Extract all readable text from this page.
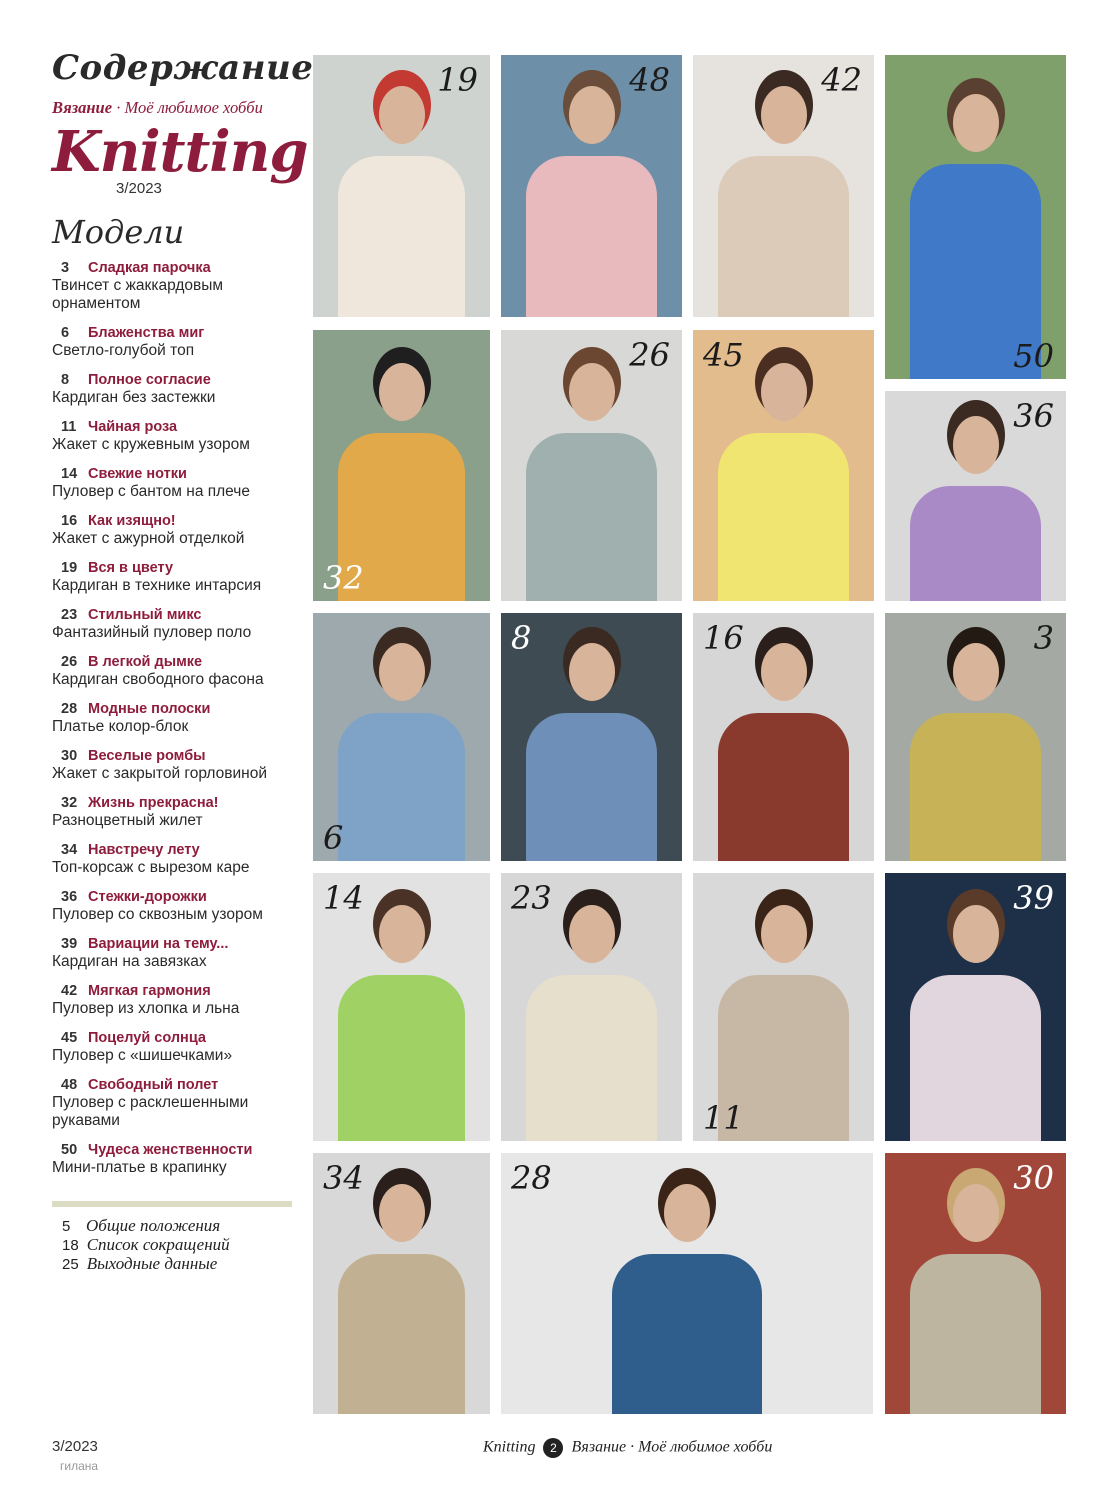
Содержание
Вязание · Моё любимое хобби
Knitting
3/2023
Модели
3 Сладкая парочка
Твинсет с жаккардовым орнаментом
6 Блаженства миг
Светло-голубой топ
8 Полное согласие
Кардиган без застежки
11 Чайная роза
Жакет с кружевным узором
14 Свежие нотки
Пуловер с бантом на плече
16 Как изящно!
Жакет с ажурной отделкой
19 Вся в цвету
Кардиган в технике интарсия
23 Стильный микс
Фантазийный пуловер поло
26 В легкой дымке
Кардиган свободного фасона
28 Модные полоски
Платье колор-блок
30 Веселые ромбы
Жакет с закрытой горловиной
32 Жизнь прекрасна!
Разноцветный жилет
34 Навстречу лету
Топ-корсаж с вырезом каре
36 Стежки-дорожки
Пуловер со сквозным узором
39 Вариации на тему...
Кардиган на завязках
42 Мягкая гармония
Пуловер из хлопка и льна
45 Поцелуй солнца
Пуловер с «шишечками»
48 Свободный полет
Пуловер с расклешенными рукавами
50 Чудеса женственности
Мини-платье в крапинку
5 Общие положения
18 Список сокращений
25 Выходные данные
19	48	42
50
32
26 45
36
6
8	16	3
14	23
11
39
34	28	30
3/2023
гилана
Knitting 2 Вязание · Моё любимое хобби
